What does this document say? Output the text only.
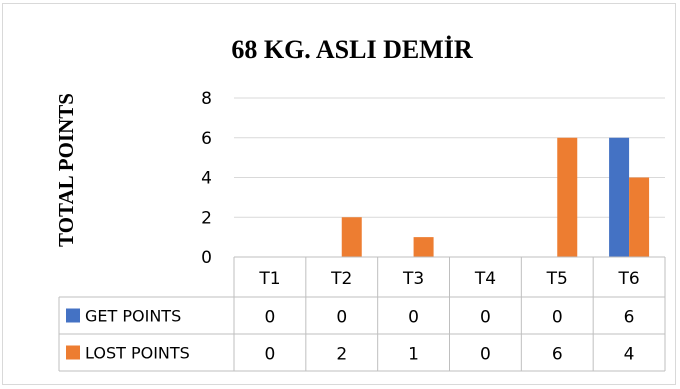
68 KG. ASLI DEMİR
TOTAL POINTS
0
2
4
6
8
T1	T2	T3	T4	T5	T6
GET POINTS	0	0	0	0	0	6
LOST POINTS	0	2	1	0	6	4
